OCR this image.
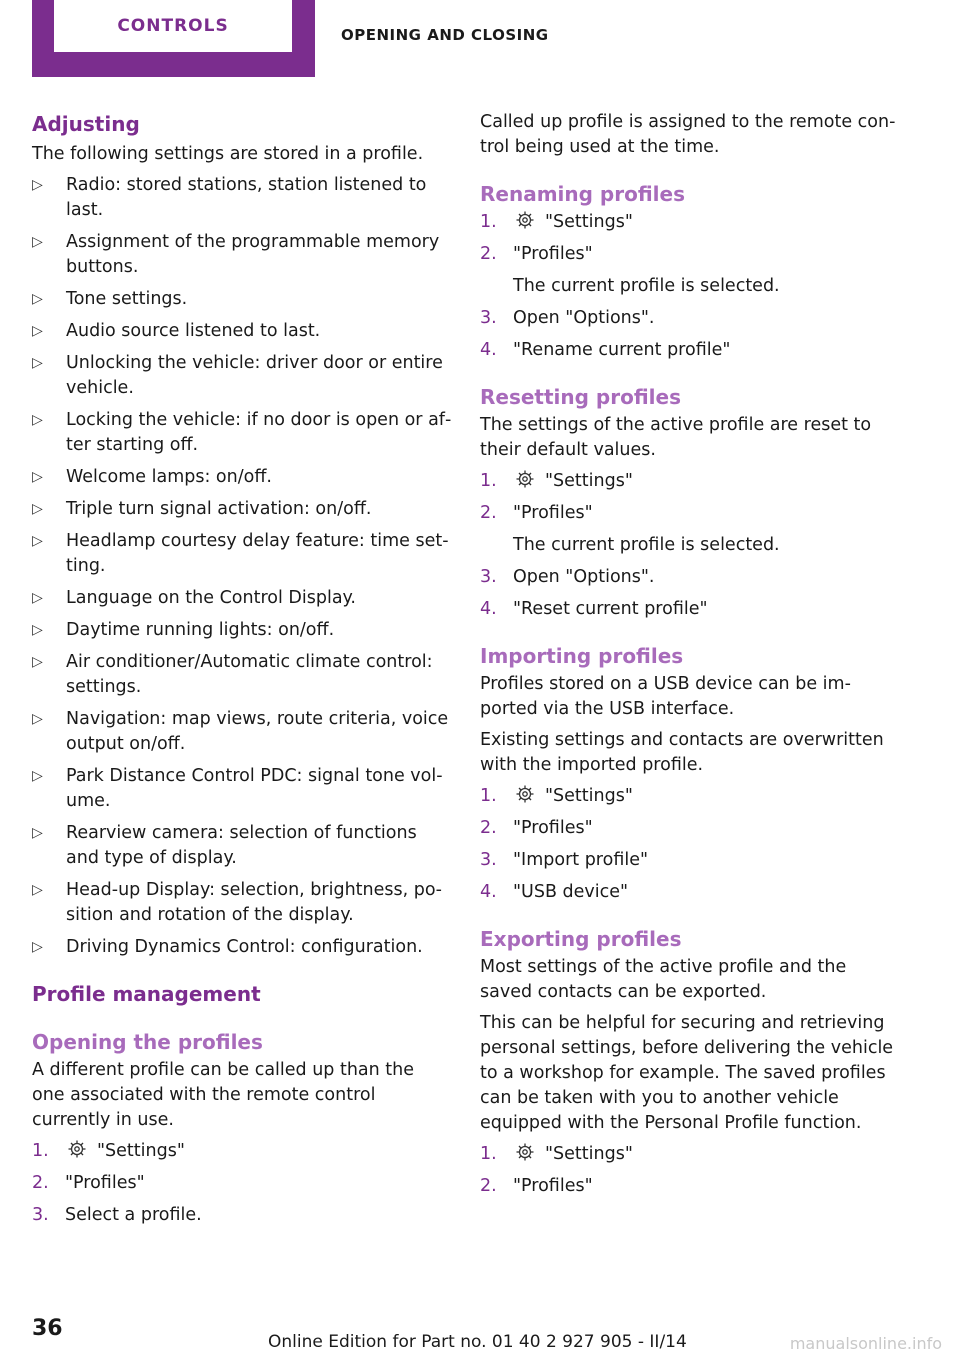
CONTROLS	OPENING AND CLOSING
Adjusting

The following settings are stored in a profile.

▷ Radio: stored stations, station listened to last.
▷ Assignment of the programmable memory buttons.
▷ Tone settings.
▷ Audio source listened to last.
▷ Unlocking the vehicle: driver door or entire vehicle.
▷ Locking the vehicle: if no door is open or after starting off.
▷ Welcome lamps: on/off.
▷ Triple turn signal activation: on/off.
▷ Headlamp courtesy delay feature: time setting.
▷ Language on the Control Display.
▷ Daytime running lights: on/off.
▷ Air conditioner/Automatic climate control: settings.
▷ Navigation: map views, route criteria, voice output on/off.
▷ Park Distance Control PDC: signal tone volume.
▷ Rearview camera: selection of functions and type of display.
▷ Head-up Display: selection, brightness, position and rotation of the display.
▷ Driving Dynamics Control: configuration.
Profile management
Opening the profiles

A different profile can be called up than the one associated with the remote control currently in use.

1.	"Settings"
2. "Profiles"
3. Select a profile.

Called up profile is assigned to the remote control being used at the time.

Renaming profiles
1.	"Settings"
2. "Profiles"
The current profile is selected.
3. Open "Options".
4. "Rename current profile"
Resetting profiles

The settings of the active profile are reset to their default values.

1.	"Settings"
2. "Profiles"
The current profile is selected.
3. Open "Options".
4. "Reset current profile"
Importing profiles

Profiles stored on a USB device can be imported via the USB interface.

Existing settings and contacts are overwritten with the imported profile.

1.	"Settings"
2. "Profiles"
3. "Import profile"
4. "USB device"
Exporting profiles

Most settings of the active profile and the saved contacts can be exported.

This can be helpful for securing and retrieving personal settings, before delivering the vehicle to a workshop for example. The saved profiles can be taken with you to another vehicle equipped with the Personal Profile function.

1.	"Settings"
2. "Profiles"
36
Online Edition for Part no. 01 40 2 927 905 - II/14	manualsonline.info
